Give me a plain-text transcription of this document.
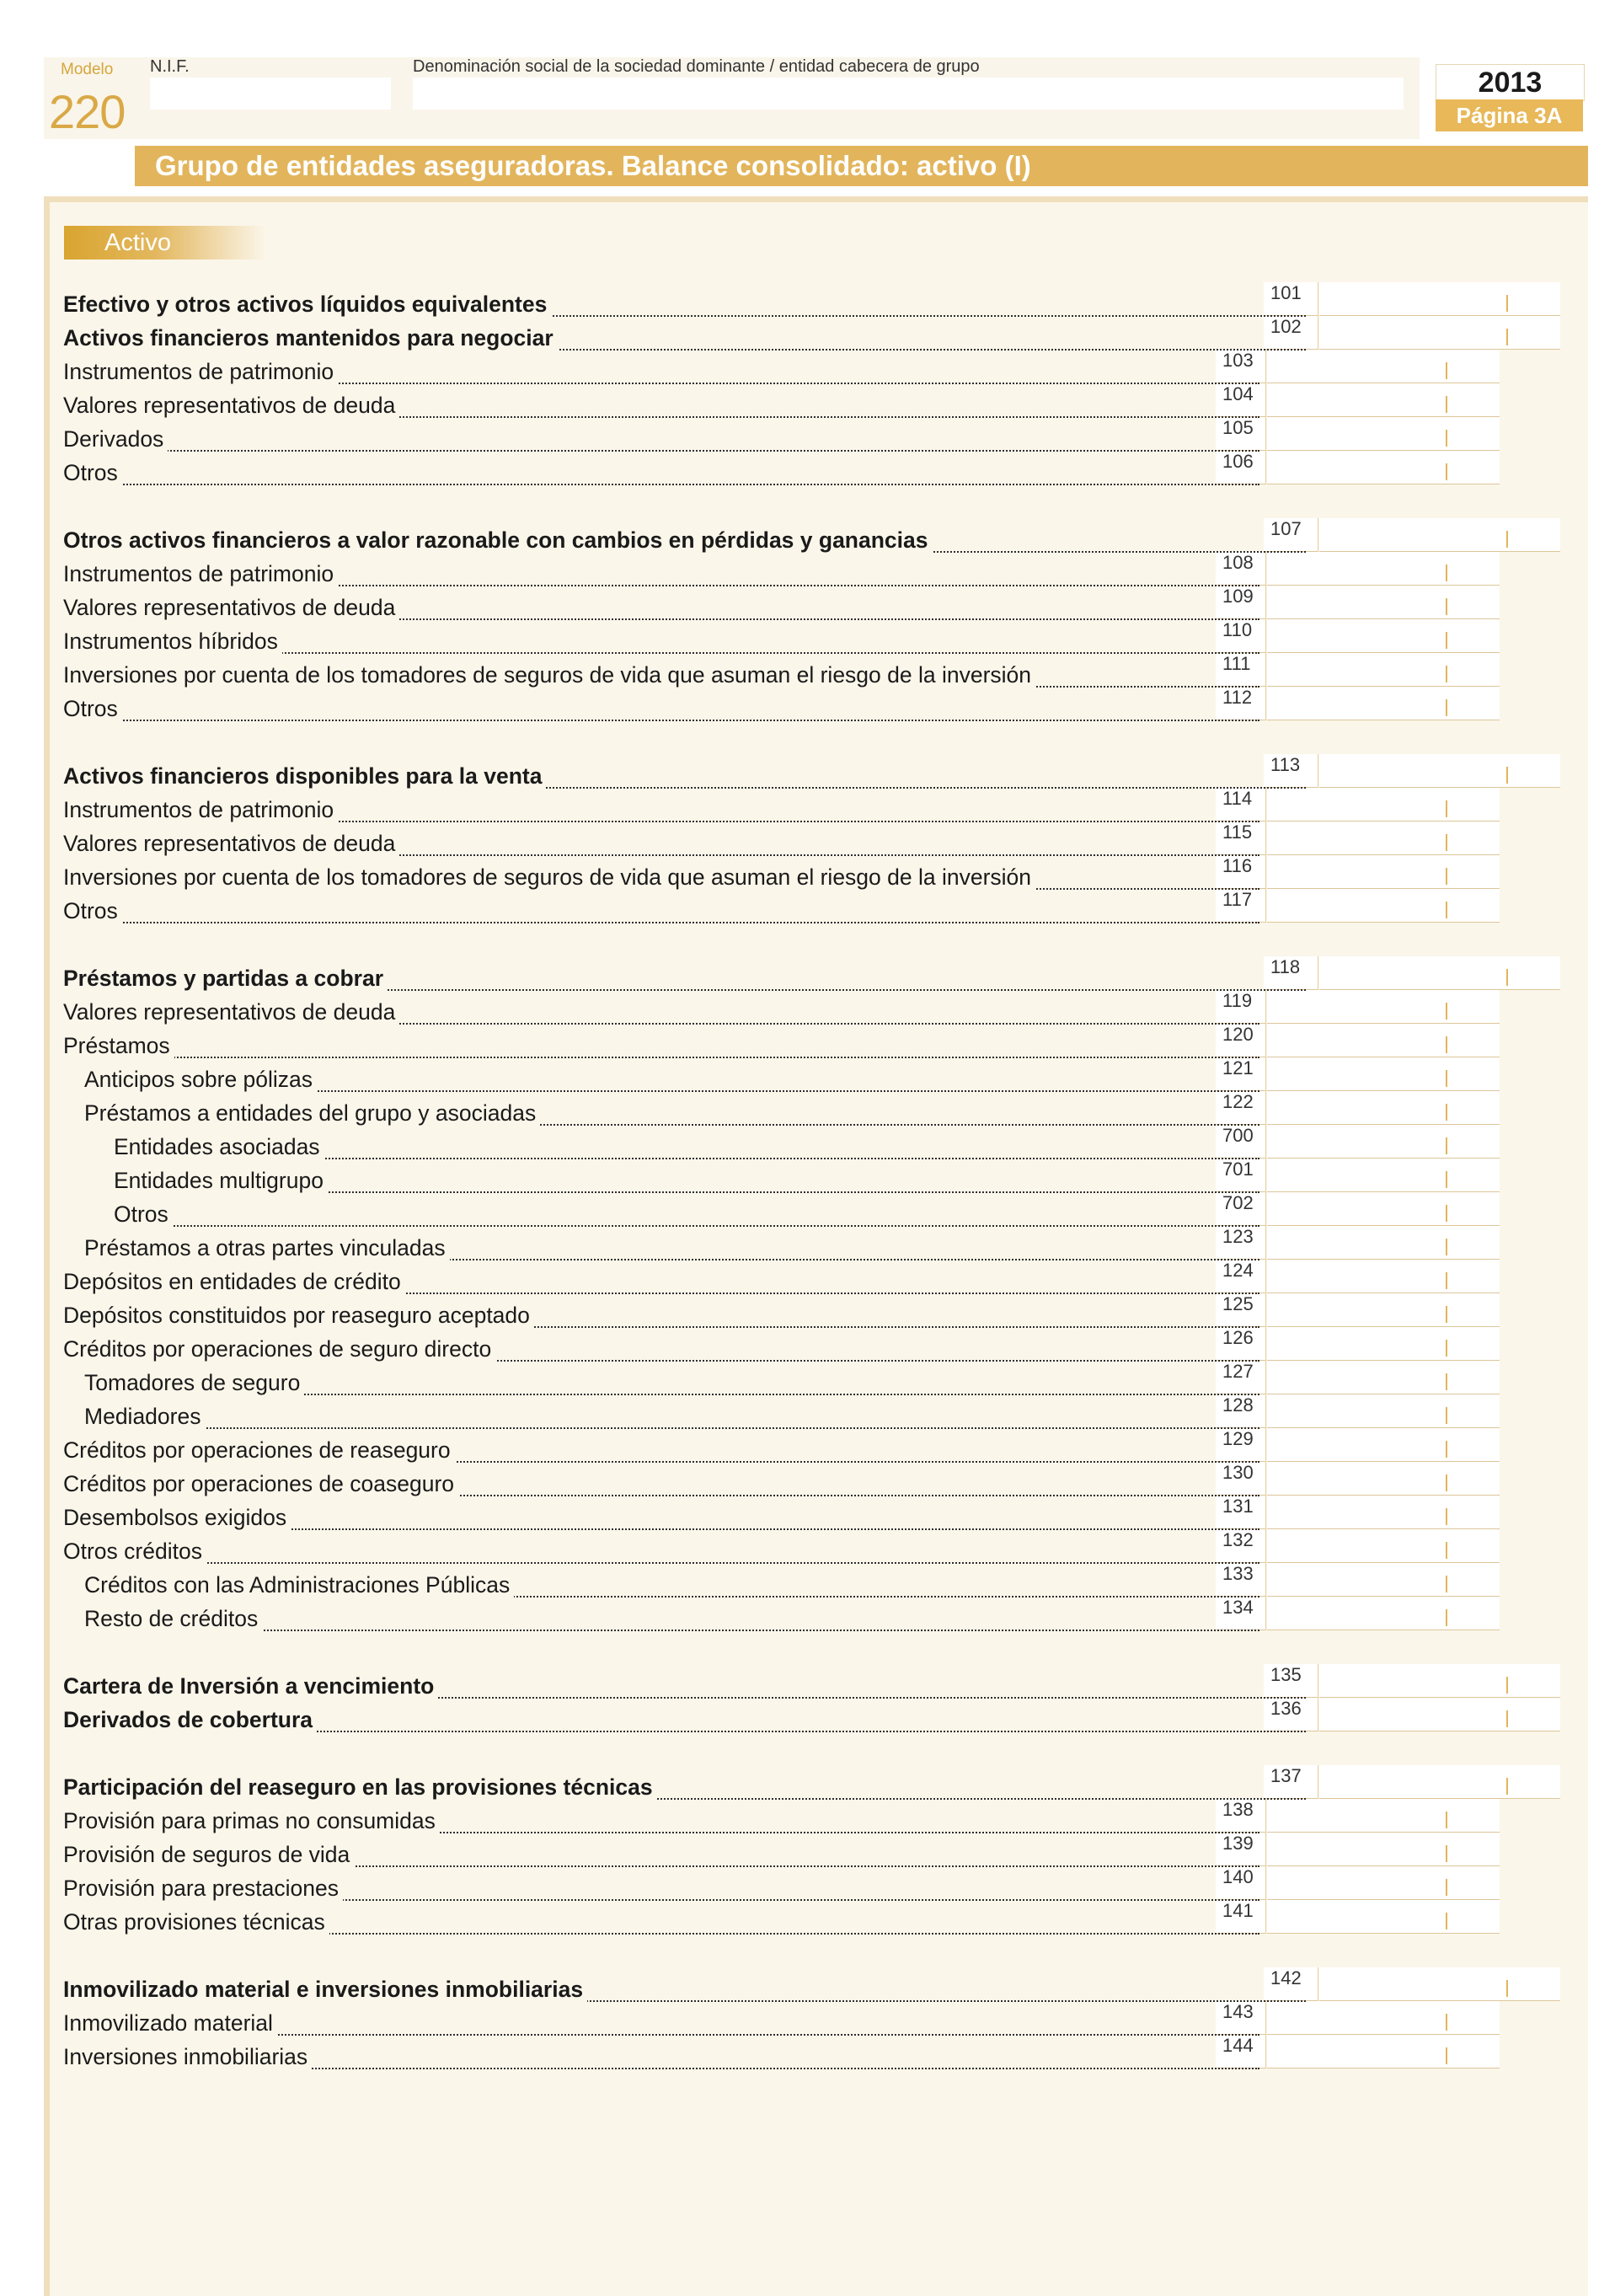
Modelo
220
N.I.F.	Denominación social de la sociedad dominante / entidad cabecera de grupo	2013
Página 3A
Grupo de entidades aseguradoras. Balance consolidado: activo (I)
Activo
Efectivo y otros activos líquidos equivalentes	101
Activos financieros mantenidos para negociar	102
Instrumentos de patrimonio	103
Valores representativos de deuda	104
Derivados	105
Otros	106
Otros activos financieros a valor razonable con cambios en pérdidas y ganancias	107
Instrumentos de patrimonio	108
Valores representativos de deuda	109
Instrumentos híbridos	110
Inversiones por cuenta de los tomadores de seguros de vida que asuman el riesgo de la inversión	111
Otros	112
Activos financieros disponibles para la venta	113
Instrumentos de patrimonio	114
Valores representativos de deuda	115
Inversiones por cuenta de los tomadores de seguros de vida que asuman el riesgo de la inversión	116
Otros	117
Préstamos y partidas a cobrar	118
Valores representativos de deuda	119
Préstamos	120
Anticipos sobre pólizas	121
Préstamos a entidades del grupo y asociadas	122
Entidades asociadas	700
Entidades multigrupo	701
Otros	702
Préstamos a otras partes vinculadas	123
Depósitos en entidades de crédito	124
Depósitos constituidos por reaseguro aceptado	125
Créditos por operaciones de seguro directo	126
Tomadores de seguro	127
Mediadores	128
Créditos por operaciones de reaseguro	129
Créditos por operaciones de coaseguro	130
Desembolsos exigidos	131
Otros créditos	132
Créditos con las Administraciones Públicas	133
Resto de créditos	134
Cartera de Inversión a vencimiento	135
Derivados de cobertura	136
Participación del reaseguro en las provisiones técnicas	137
Provisión para primas no consumidas	138
Provisión de seguros de vida	139
Provisión para prestaciones	140
Otras provisiones técnicas	141
Inmovilizado material e inversiones inmobiliarias	142
Inmovilizado material	143
Inversiones inmobiliarias	144
